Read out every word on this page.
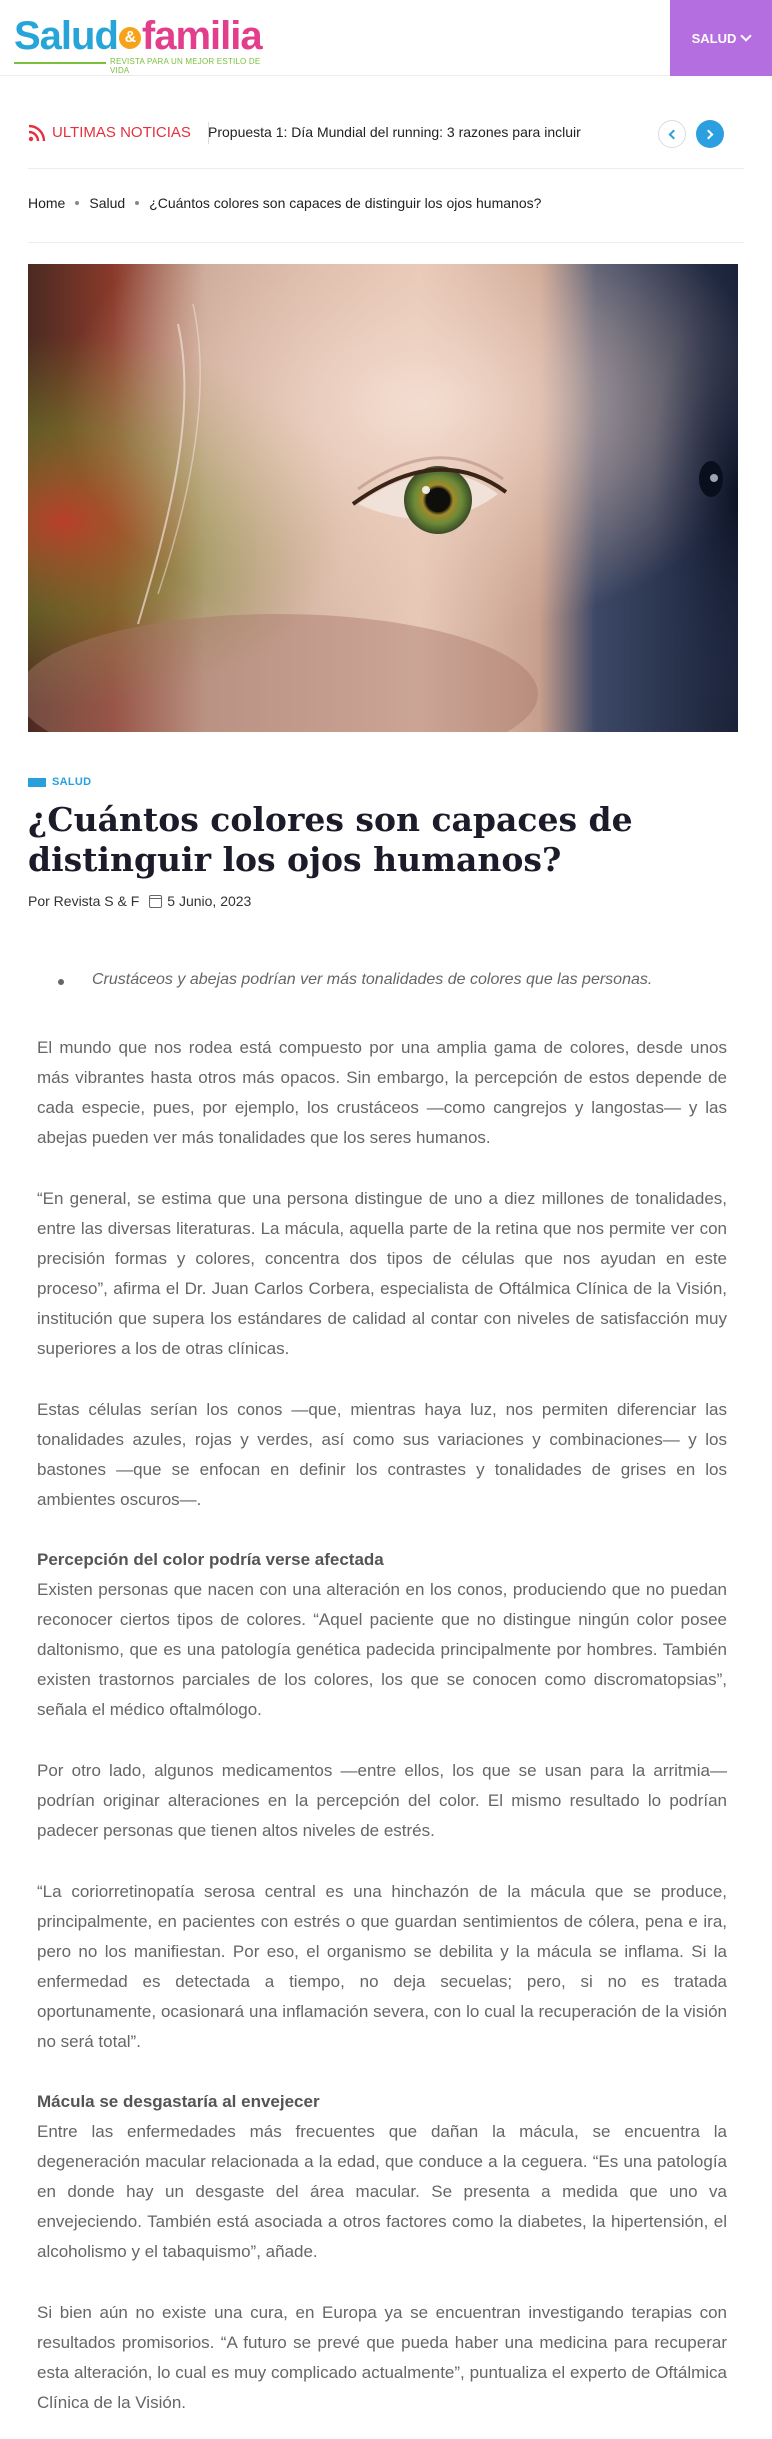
Salud & familia
REVISTA PARA UN MEJOR ESTILO DE VIDA
SALUD
ULTIMAS NOTICIAS Propuesta 1: Día Mundial del running: 3 razones para incluir
Home Salud ¿Cuántos colores son capaces de distinguir los ojos humanos?
SALUD
¿Cuántos colores son capaces de distinguir los ojos humanos?
Por Revista S & F 5 Junio, 2023
Crustáceos y abejas podrían ver más tonalidades de colores que las personas.

El mundo que nos rodea está compuesto por una amplia gama de colores, desde unos más vibrantes hasta otros más opacos. Sin embargo, la percepción de estos depende de cada especie, pues, por ejemplo, los crustáceos —como cangrejos y langostas— y las abejas pueden ver más tonalidades que los seres humanos.

“En general, se estima que una persona distingue de uno a diez millones de tonalidades, entre las diversas literaturas. La mácula, aquella parte de la retina que nos permite ver con precisión formas y colores, concentra dos tipos de células que nos ayudan en este proceso”, afirma el Dr. Juan Carlos Corbera, especialista de Oftálmica Clínica de la Visión, institución que supera los estándares de calidad al contar con niveles de satisfacción muy superiores a los de otras clínicas.

Estas células serían los conos —que, mientras haya luz, nos permiten diferenciar las tonalidades azules, rojas y verdes, así como sus variaciones y combinaciones— y los bastones —que se enfocan en definir los contrastes y tonalidades de grises en los ambientes oscuros—.

Percepción del color podría verse afectada

Existen personas que nacen con una alteración en los conos, produciendo que no puedan reconocer ciertos tipos de colores. “Aquel paciente que no distingue ningún color posee daltonismo, que es una patología genética padecida principalmente por hombres. También existen trastornos parciales de los colores, los que se conocen como discromatopsias”, señala el médico oftalmólogo.

Por otro lado, algunos medicamentos —entre ellos, los que se usan para la arritmia— podrían originar alteraciones en la percepción del color. El mismo resultado lo podrían padecer personas que tienen altos niveles de estrés.

“La coriorretinopatía serosa central es una hinchazón de la mácula que se produce, principalmente, en pacientes con estrés o que guardan sentimientos de cólera, pena e ira, pero no los manifiestan. Por eso, el organismo se debilita y la mácula se inflama. Si la enfermedad es detectada a tiempo, no deja secuelas; pero, si no es tratada oportunamente, ocasionará una inflamación severa, con lo cual la recuperación de la visión no será total”.

Mácula se desgastaría al envejecer

Entre las enfermedades más frecuentes que dañan la mácula, se encuentra la degeneración macular relacionada a la edad, que conduce a la ceguera. “Es una patología en donde hay un desgaste del área macular. Se presenta a medida que uno va envejeciendo. También está asociada a otros factores como la diabetes, la hipertensión, el alcoholismo y el tabaquismo”, añade.

Si bien aún no existe una cura, en Europa ya se encuentran investigando terapias con resultados promisorios. “A futuro se prevé que pueda haber una medicina para recuperar esta alteración, lo cual es muy complicado actualmente”, puntualiza el experto de Oftálmica Clínica de la Visión.
